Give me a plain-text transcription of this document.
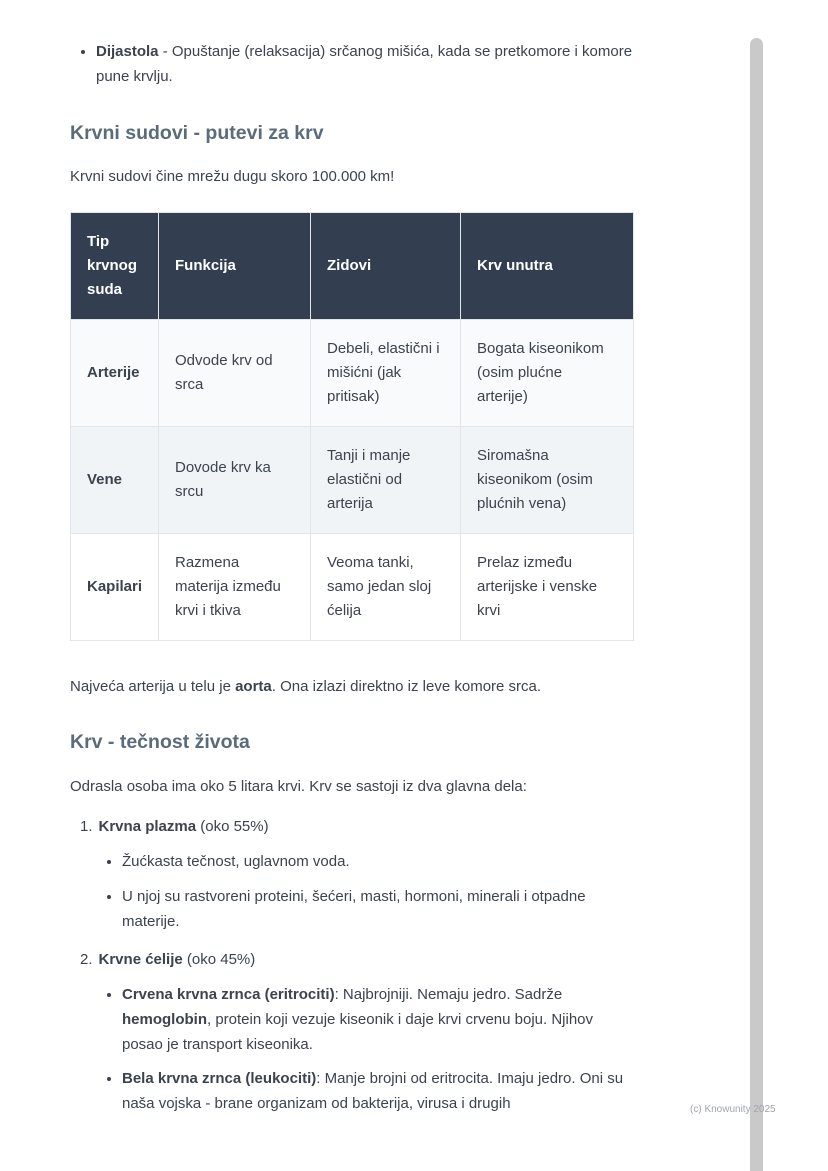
• Dijastola - Opuštanje (relaksacija) srčanog mišića, kada se pretkomore i komore pune krvlju.
Krvni sudovi - putevi za krv

Krvni sudovi čine mrežu dugu skoro 100.000 km!

Tip krvnog suda	Funkcija	Zidovi	Krv unutra
Arterije	Odvode krv od srca	Debeli, elastični i mišićni (jak pritisak)	Bogata kiseonikom (osim plućne arterije)
Vene	Dovode krv ka srcu	Tanji i manje elastični od arterija	Siromašna kiseonikom (osim plućnih vena)
Kapilari	Razmena materija između krvi i tkiva	Veoma tanki, samo jedan sloj ćelija	Prelaz između arterijske i venske krvi

Najveća arterija u telu je aorta. Ona izlazi direktno iz leve komore srca.

Krv - tečnost života

Odrasla osoba ima oko 5 litara krvi. Krv se sastoji iz dva glavna dela:

1. Krvna plazma (oko 55%)
• Žućkasta tečnost, uglavnom voda.
• U njoj su rastvoreni proteini, šećeri, masti, hormoni, minerali i otpadne materije.
2. Krvne ćelije (oko 45%)
• Crvena krvna zrnca (eritrociti): Najbrojniji. Nemaju jedro. Sadrže hemoglobin, protein koji vezuje kiseonik i daje krvi crvenu boju. Njihov posao je transport kiseonika.
• Bela krvna zrnca (leukociti): Manje brojni od eritrocita. Imaju jedro. Oni su naša vojska - brane organizam od bakterija, virusa i drugih	(c) Knowunity 2025
